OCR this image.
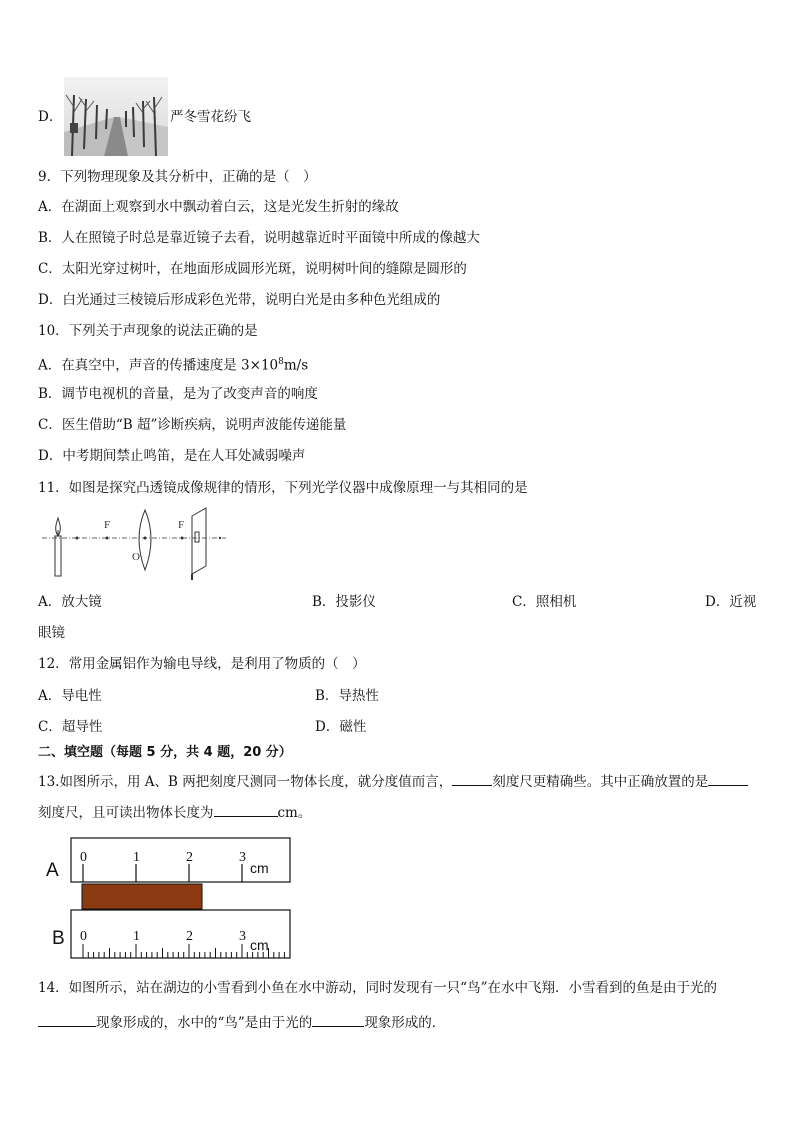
D．	严冬雪花纷飞
9．下列物理现象及其分析中，正确的是（　）
A．在湖面上观察到水中飘动着白云，这是光发生折射的缘故
B．人在照镜子时总是靠近镜子去看，说明越靠近时平面镜中所成的像越大
C．太阳光穿过树叶，在地面形成圆形光斑，说明树叶间的缝隙是圆形的
D．白光通过三棱镜后形成彩色光带，说明白光是由多种色光组成的
10．下列关于声现象的说法正确的是
A．在真空中，声音的传播速度是 $3\times 10^8m/s$
B．调节电视机的音量，是为了改变声音的响度
C．医生借助“B 超”诊断疾病，说明声波能传递能量
D．中考期间禁止鸣笛，是在人耳处减弱噪声
11．如图是探究凸透镜成像规律的情形，下列光学仪器中成像原理一与其相同的是
F
O
F
A．放大镜	B．投影仪	C．照相机	D．近视
眼镜
12．常用金属铝作为输电导线，是利用了物质的（　）
A．导电性	B．导热性
C．超导性	D．磁性
二、填空题（每题 5 分，共 4 题，20 分）
13.如图所示，用 A、B 两把刻度尺测同一物体长度，就分度值而言，	刻度尺更精确些。其中正确放置的是
刻度尺，且可读出物体长度为	cm。
A
0	1	2	3
cm
B 0	1	2	3
cm
14．如图所示，站在湖边的小雪看到小鱼在水中游动，同时发现有一只“鸟”在水中飞翔．小雪看到的鱼是由于光的
现象形成的，水中的“鸟”是由于光的	现象形成的．
